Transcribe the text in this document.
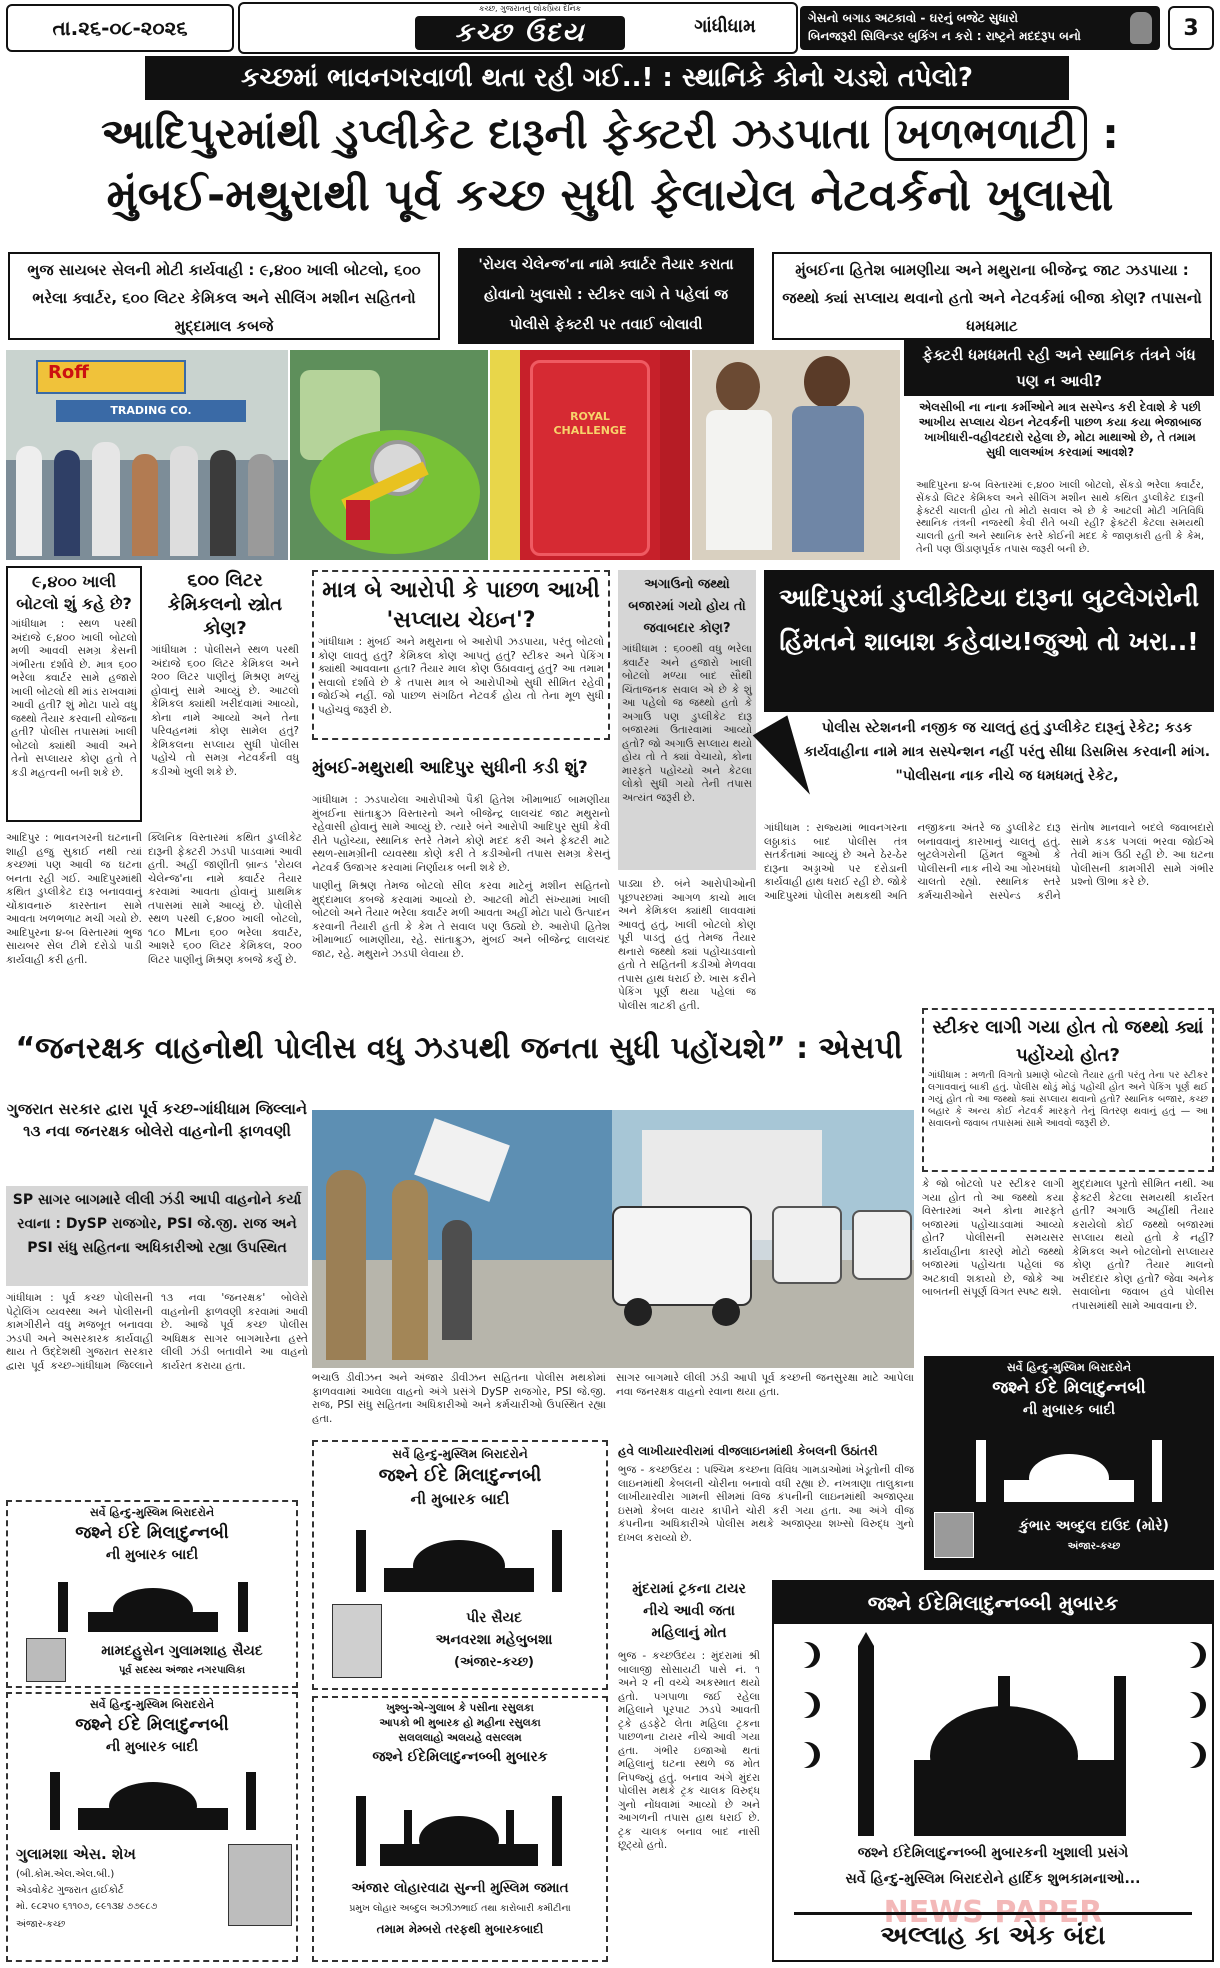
તા.૨૬-૦૮-૨૦૨૬
કચ્છ, ગુજરાતનું લોકપ્રિય દૈનિક
કચ્છ ઉદય	ગાંધીધામ	ગેસનો બગાડ અટકાવો - ઘરનું બજેટ સુધારો
બિનજરૂરી સિલિન્ડર બુકિંગ ન કરો : રાષ્ટ્રને મદદરૂપ બનો	3
કચ્છમાં ભાવનગરવાળી થતા રહી ગઈ..! : સ્થાનિકે કોનો ચડશે તપેલો?
આદિપુરમાંથી ડુપ્લીકેટ દારૂની ફેક્ટરી ઝડપાતા ખળભળાટી :
મુંબઈ-મથુરાથી પૂર્વ કચ્છ સુધી ફેલાયેલ નેટવર્કનો ખુલાસો
ભુજ સાયબર સેલની મોટી કાર્યવાહી : ૯,૪૦૦ ખાલી બોટલો, ૬૦૦ ભરેલા ક્વાર્ટર, ૬૦૦ લિટર કેમિકલ અને સીલિંગ મશીન સહિતનો મુદ્દામાલ કબજે
'રોયલ ચેલેન્જ'ના નામે ક્વાર્ટર તૈયાર કરાતા હોવાનો ખુલાસો : સ્ટીકર લાગે તે પહેલાં જ પોલીસે ફેક્ટરી પર તવાઈ બોલાવી
મુંબઈના હિતેશ બામણીયા અને મથુરાના બીજેન્દ્ર જાટ ઝડપાયા : જથ્થો ક્યાં સપ્લાય થવાનો હતો અને નેટવર્કમાં બીજા કોણ? તપાસનો ધમધમાટ
Roff
TRADING CO.	ROYAL CHALLENGE
ફેક્ટરી ધમધમતી રહી અને સ્થાનિક તંત્રને ગંધ પણ ન આવી?
એલસીબી ના નાના કર્મીઓને માત્ર સસ્પેન્ડ કરી દેવાશે કે પછી આખીય સપ્લાય ચેઇન નેટવર્કની પાછળ કયા કયા ભેજાબાજ ખાખીધારી-વહીવટદારો રહેલા છે, મોટા માથાઓ છે, તે તમામ સુધી લાલઆંખ કરવામાં આવશે?
આદિપુરના ૪-બ વિસ્તારમાં ૯,૪૦૦ ખાલી બોટલો, સેંકડો ભરેલા ક્વાર્ટર, સેંકડો લિટર કેમિકલ અને સીલિંગ મશીન સાથે કથિત ડુપ્લીકેટ દારૂની ફેક્ટરી ચાલતી હોય તો મોટો સવાલ એ છે કે આટલી મોટી ગતિવિધિ સ્થાનિક તંત્રની નજરથી કેવી રીતે બચી રહી? ફેક્ટરી કેટલા સમયથી ચાલતી હતી અને સ્થાનિક સ્તરે કોઈની મદદ કે જાણકારી હતી કે કેમ, તેની પણ ઊંડાણપૂર્વક તપાસ જરૂરી બની છે.
૯,૪૦૦ ખાલી બોટલો શું કહે છે?
ગાંધીધામ : સ્થળ પરથી અંદાજે ૯,૪૦૦ ખાલી બોટલો મળી આવવી સમગ્ર કેસની ગંભીરતા દર્શાવે છે. માત્ર ૬૦૦ ભરેલા ક્વાર્ટર સામે હજારો ખાલી બોટલો થી માંડ રાખવામાં આવી હતી? શું મોટા પાયે વધુ જથ્થો તૈયાર કરવાની યોજના હતી? પોલીસ તપાસમાં ખાલી બોટલો ક્યાંથી આવી અને તેનો સપ્લાયર કોણ હતો તે કડી મહત્વની બની શકે છે.
૬૦૦ લિટર કેમિકલનો સ્ત્રોત કોણ?
ગાંધીધામ : પોલીસને સ્થળ પરથી અંદાજે ૬૦૦ લિટર કેમિકલ અને ૨૦૦ લિટર પાણીનું મિશ્રણ મળ્યું હોવાનું સામે આવ્યું છે. આટલો કેમિકલ ક્યાંથી ખરીદવામાં આવ્યો, કોના નામે આવ્યો અને તેના પરિવહનમાં કોણ સામેલ હતું? કેમિકલના સપ્લાય સુધી પોલીસ પહોંચે તો સમગ્ર નેટવર્કની વધુ કડીઓ ખુલી શકે છે.
માત્ર બે આરોપી કે પાછળ આખી 'સપ્લાય ચેઇન'?
ગાંધીધામ : મુંબઈ અને મથુરાના બે આરોપી ઝડપાયા, પરંતુ બોટલો કોણ લાવતું હતું? કેમિકલ કોણ આપતું હતું? સ્ટીકર અને પેકિંગ ક્યાંથી આવવાના હતા? તૈયાર માલ કોણ ઉઠાવવાનું હતું? આ તમામ સવાલો દર્શાવે છે કે તપાસ માત્ર બે આરોપીઓ સુધી સીમિત રહેવી જોઈએ નહીં. જો પાછળ સંગઠિત નેટવર્ક હોય તો તેના મૂળ સુધી પહોંચવું જરૂરી છે.
અગાઉનો જથ્થો બજારમાં ગયો હોય તો જવાબદાર કોણ?
ગાંધીધામ : ૬૦૦થી વધુ ભરેલા ક્વાર્ટર અને હજારો ખાલી બોટલો મળ્યા બાદ સૌથી ચિંતાજનક સવાલ એ છે કે શું આ પહેલો જ જથ્થો હતો કે અગાઉ પણ ડુપ્લીકેટ દારૂ બજારમાં ઉતારવામાં આવ્યો હતો? જો અગાઉ સપ્લાય થયો હોય તો તે ક્યાં વેચાયો, કોના મારફતે પહોંચ્યો અને કેટલા લોકો સુધી ગયો તેની તપાસ અત્યંત જરૂરી છે.
આદિપુરમાં ડુપ્લીકેટિયા દારૂના બુટલેગરોની હિંમતને શાબાશ કહેવાય!જુઓ તો ખરા..!
પોલીસ સ્ટેશનની નજીક જ ચાલતું હતું ડુપ્લીકેટ દારૂનું રેકેટ; કડક કાર્યવાહીના નામે માત્ર સસ્પેન્શન નહીં પરંતુ સીધા ડિસમિસ કરવાની માંગ. "પોલીસના નાક નીચે જ ધમધમતું રેકેટ,
ગાંધીધામ : રાજ્યમાં ભાવનગરના લઠ્ઠાકાંડ બાદ પોલીસ તંત્ર સતર્કતામાં આવ્યું છે અને ઠેર-ઠેર દારૂના અડ્ડાઓ પર દરોડાની કાર્યવાહી હાથ ધરાઈ રહી છે. જોકે આદિપુરમાં પોલીસ મથકથી અતિ નજીકના અંતરે જ ડુપ્લીકેટ દારૂ બનાવવાનું કારખાનું ચાલતું હતું. બુટલેગરોની હિંમત જુઓ કે પોલીસની નાક નીચે આ ગોરખધંધો ચાલતો રહ્યો. સ્થાનિક સ્તરે કર્મચારીઓને સસ્પેન્ડ કરીને સંતોષ માનવાને બદલે જવાબદારો સામે કડક પગલાં ભરવા જોઈએ તેવી માંગ ઉઠી રહી છે. આ ઘટના પોલીસની કામગીરી સામે ગંભીર પ્રશ્નો ઊભા કરે છે.
મુંબઈ-મથુરાથી આદિપુર સુધીની કડી શું?
ગાંધીધામ : ઝડપાયેલા આરોપીઓ પૈકી હિતેશ ખીમાભાઈ બામણીયા મુંબઈના સાંતાક્રુઝ વિસ્તારનો અને બીજેન્દ્ર લાલચંદ જાટ મથુરાનો રહેવાસી હોવાનું સામે આવ્યું છે. ત્યારે બંને આરોપી આદિપુર સુધી કેવી રીતે પહોંચ્યા, સ્થાનિક સ્તરે તેમને કોણે મદદ કરી અને ફેક્ટરી માટે સ્થળ-સામગ્રીની વ્યવસ્થા કોણે કરી તે કડીઓની તપાસ સમગ્ર કેસનું નેટવર્ક ઉજાગર કરવામાં નિર્ણાયક બની શકે છે.
આદિપુર : ભાવનગરની ઘટનાની શાહી હજુ સુકાઈ નથી ત્યાં કચ્છમાં પણ આવી જ ઘટના બનતા રહી ગઈ. આદિપુરમાંથી કથિત ડુપ્લીકેટ દારૂ બનાવવાનું ચોંકાવનારું કારસ્તાન સામે આવતા ખળભળાટ મચી ગયો છે. આદિપુરના ૪-બ વિસ્તારમાં ભુજ સાયબર સેલ ટીમે દરોડો પાડી કાર્યવાહી કરી હતી.
ક્લિનિક વિસ્તારમાં કથિત ડુપ્લીકેટ દારૂની ફેક્ટરી ઝડપી પાડવામાં આવી હતી. અહીં જાણીતી બ્રાન્ડ 'રોયલ ચેલેન્જ'ના નામે ક્વાર્ટર તૈયાર કરવામાં આવતા હોવાનું પ્રાથમિક તપાસમાં સામે આવ્યું છે. પોલીસે સ્થળ પરથી ૯,૪૦૦ ખાલી બોટલો, ૧૮૦ MLના ૬૦૦ ભરેલા ક્વાર્ટર, આશરે ૬૦૦ લિટર કેમિકલ, ૨૦૦ લિટર પાણીનું મિશ્રણ કબજે કર્યું છે.
પાણીનું મિશ્રણ તેમજ બોટલો સીલ કરવા માટેનું મશીન સહિતનો મુદ્દામાલ કબજે કરવામાં આવ્યો છે. આટલી મોટી સંખ્યામાં ખાલી બોટલો અને તૈયાર ભરેલા ક્વાર્ટર મળી આવતા અહીં મોટા પાયે ઉત્પાદન કરવાની તૈયારી હતી કે કેમ તે સવાલ પણ ઉઠ્યો છે. આરોપી હિતેશ ખીમાભાઈ બામણીયા, રહે. સાંતાક્રુઝ, મુંબઈ અને બીજેન્દ્ર લાલચંદ જાટ, રહે. મથુરાને ઝડપી લેવાયા છે.
પાડ્યા છે. બંને આરોપીઓની પૂછપરછમાં આગળ કાચો માલ અને કેમિકલ ક્યાંથી લાવવામાં આવતું હતું, ખાલી બોટલો કોણ પૂરી પાડતું હતું તેમજ તૈયાર થનારો જથ્થો ક્યાં પહોંચાડવાનો હતો તે સહિતની કડીઓ મેળવવા તપાસ હાથ ધરાઈ છે. ખાસ કરીને પેકિંગ પૂર્ણ થયા પહેલાં જ પોલીસ ત્રાટકી હતી.
“જનરક્ષક વાહનોથી પોલીસ વધુ ઝડપથી જનતા સુધી પહોંચશે” : એસપી
સ્ટીકર લાગી ગયા હોત તો જથ્થો ક્યાં પહોંચ્યો હોત?
ગાંધીધામ : મળતી વિગતો પ્રમાણે બોટલો તૈયાર હતી પરંતુ તેના પર સ્ટીકર લગાવવાનું બાકી હતું. પોલીસ થોડું મોડું પહોંચી હોત અને પેકિંગ પૂર્ણ થઈ ગયું હોત તો આ જથ્થો ક્યાં સપ્લાય થવાનો હતો? સ્થાનિક બજાર, કચ્છ બહાર કે અન્ય કોઈ નેટવર્ક મારફતે તેનું વિતરણ થવાનું હતું — આ સવાલનો જવાબ તપાસમાં સામે આવવો જરૂરી છે.
કે જો બોટલો પર સ્ટીકર લાગી ગયા હોત તો આ જથ્થો કયા વિસ્તારમાં અને કોના મારફતે બજારમાં પહોંચાડવામાં આવ્યો હોત? પોલીસની સમયસર કાર્યવાહીના કારણે મોટો જથ્થો બજારમાં પહોંચતા પહેલાં જ અટકાવી શકાયો છે, જોકે આ બાબતની સંપૂર્ણ વિગત સ્પષ્ટ થશે.
મુદ્દામાલ પૂરતો સીમિત નથી. આ ફેક્ટરી કેટલા સમયથી કાર્યરત હતી? અગાઉ અહીંથી તૈયાર કરાયેલો કોઈ જથ્થો બજારમાં સપ્લાય થયો હતો કે નહીં? કેમિકલ અને બોટલોનો સપ્લાયર કોણ હતો? તૈયાર માલનો ખરીદદાર કોણ હતો? જેવા અનેક સવાલોના જવાબ હવે પોલીસ તપાસમાંથી સામે આવવાના છે.
ગુજરાત સરકાર દ્વારા પૂર્વ કચ્છ-ગાંધીધામ જિલ્લાને ૧૩ નવા જનરક્ષક બોલેરો વાહનોની ફાળવણી
SP સાગર બાગમારે લીલી ઝંડી આપી વાહનોને કર્યા રવાના : DySP રાજગોર, PSI જે.જી. રાજ અને PSI સંધુ સહિતના અધિકારીઓ રહ્યા ઉપસ્થિત
ગાંધીધામ : પૂર્વ કચ્છ પોલીસની પેટ્રોલિંગ વ્યવસ્થા અને પોલીસની કામગીરીને વધુ મજબૂત બનાવવા ઝડપી અને અસરકારક કાર્યવાહી થાય તે ઉદ્દેશથી ગુજરાત સરકાર દ્વારા પૂર્વ કચ્છ-ગાંધીધામ જિલ્લાને ૧૩ નવા 'જનરક્ષક' બોલેરો વાહનોની ફાળવણી કરવામાં આવી છે. આજે પૂર્વ કચ્છ પોલીસ અધિક્ષક સાગર બાગમારેના હસ્તે લીલી ઝંડી બતાવીને આ વાહનો કાર્યરત કરાયા હતા.
ભચાઉ ડીવીઝન અને અંજાર ડીવીઝન સહિતના પોલીસ મથકોમાં ફાળવવામાં આવેલા વાહનો અંગે પ્રસંગે DySP રાજગોર, PSI જે.જી. રાજ, PSI સંધુ સહિતના અધિકારીઓ અને કર્મચારીઓ ઉપસ્થિત રહ્યા હતા.
સાગર બાગમારે લીલી ઝંડી આપી પૂર્વ કચ્છની જનસુરક્ષા માટે આપેલા નવા જનરક્ષક વાહનો રવાના થયા હતા.
સર્વે હિન્દુ-મુસ્લિમ બિરાદરોને
જશ્ને ઈદે મિલાદુન્નબી
ની મુબારક બાદી
મામદહુસેન ગુલામશાહ સૈયદ
પૂર્વ સદસ્ય અંજાર નગરપાલિકા
સર્વે હિન્દુ-મુસ્લિમ બિરાદરોને
જશ્ને ઈદે મિલાદુન્નબી
ની મુબારક બાદી
પીર સૈયદ
અનવરશા મહેબુબશા
(અંજાર-કચ્છ)
હવે લાખીયારવીરામાં વીજલાઇનમાંથી કેબલની ઉઠાંતરી
ભુજ - કચ્છઉદય : પશ્ચિમ કચ્છના વિવિધ ગામડાઓમાં ખેડૂતોની વીજ લાઇનમાંથી કેબલની ચોરીના બનાવો વધી રહ્યા છે. નખત્રાણા તાલુકાના લાખીયારવીરા ગામની સીમમાં વિજ કંપનીની લાઇનમાંથી અજાણ્યા ઇસમો કેબલ વાયર કાપીને ચોરી કરી ગયા હતા. આ અંગે વીજ કંપનીના અધિકારીએ પોલીસ મથકે અજાણ્યા શખ્સો વિરુદ્ધ ગુનો દાખલ કરાવ્યો છે.
મુંદરામાં ટ્રકના ટાયર નીચે આવી જતા મહિલાનું મોત
ભુજ - કચ્છઉદય : મુંદરામાં શ્રી બાલાજી સોસાયટી પાસે નં. ૧ અને ૨ ની વચ્ચે અકસ્માત થયો હતો. પગપાળા જઈ રહેલા મહિલાને પૂરપાટ ઝડપે આવતી ટ્રકે હડફેટે લેતા મહિલા ટ્રકના પાછળના ટાયર નીચે આવી ગયા હતા. ગંભીર ઇજાઓ થતાં મહિલાનું ઘટના સ્થળે જ મોત નિપજ્યું હતું. બનાવ અંગે મુંદરા પોલીસ મથકે ટ્રક ચાલક વિરુદ્ધ ગુનો નોંધવામાં આવ્યો છે અને આગળની તપાસ હાથ ધરાઈ છે. ટ્રક ચાલક બનાવ બાદ નાસી છૂટ્યો હતો.
સર્વે હિન્દુ-મુસ્લિમ બિરાદરોને
જશ્ને ઈદે મિલાદુન્નબી
ની મુબારક બાદી
કુંભાર અબ્દુલ દાઉદ (મોરે)
અંજાર-કચ્છ
સર્વે હિન્દુ-મુસ્લિમ બિરાદરોને
જશ્ને ઈદે મિલાદુન્નબી
ની મુબારક બાદી
ગુલામશા એસ. શેખ
(બી.કોમ.એલ.એલ.બી.)
એડવોકેટ ગુજરાત હાઈકોર્ટ
મો. ૯૮૨૫૦ ૬૧૧૦૭, ૯૯૧૩૪ ૭૭૯૮૭
અંજાર-કચ્છ
ખુશ્બુ-એ-ગુલાબ કે પસીના રસુલકા
આપકો ભી મુબારક હો મહીના રસુલકા
સલલલાહો અલયહે વસલ્લમ
જશ્ને ઈદેમિલાદુન્નબ્બી મુબારક
અંજાર લોહારવાઢા સુન્ની મુસ્લિમ જમાત
પ્રમુખ લોહાર અબ્દુલ અઝીઝભાઈ તથા કારોબારી કમીટીના
તમામ મેમ્બરો તરફથી મુબારકબાદી
જશ્ને ઈદેમિલાદુન્નબ્બી મુબારક
NEWS PAPER
જશ્ને ઈદેમિલાદુન્નબ્બી મુબારકની ખુશાલી પ્રસંગે
સર્વે હિન્દુ-મુસ્લિમ બિરાદરોને હાર્દિક શુભકામનાઓ...
અલ્લાહ કા એક બંદા
